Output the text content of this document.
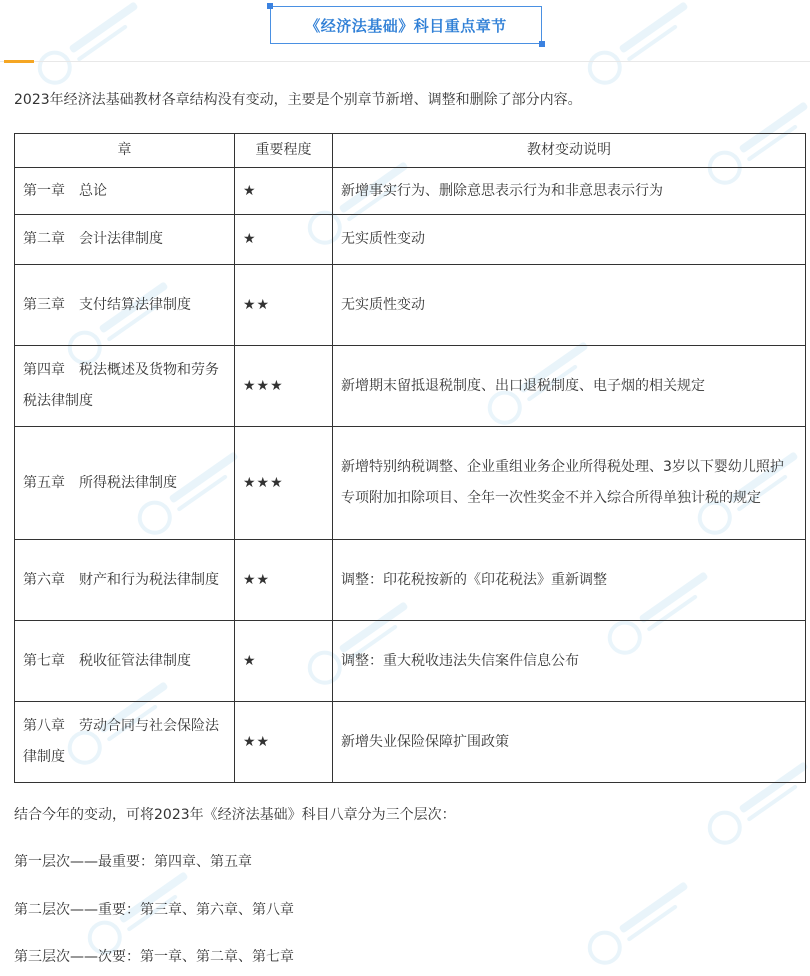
《经济法基础》科目重点章节
2023年经济法基础教材各章结构没有变动，主要是个别章节新增、调整和删除了部分内容。
章	重要程度	教材变动说明
第一章　总论	★	新增事实行为、删除意思表示行为和非意思表示行为
第二章　会计法律制度	★	无实质性变动
第三章　支付结算法律制度	★★	无实质性变动
第四章　税法概述及货物和劳务税法律制度	★★★	新增期末留抵退税制度、出口退税制度、电子烟的相关规定
第五章　所得税法律制度	★★★	新增特别纳税调整、企业重组业务企业所得税处理、3岁以下婴幼儿照护专项附加扣除项目、全年一次性奖金不并入综合所得单独计税的规定
第六章　财产和行为税法律制度	★★	调整：印花税按新的《印花税法》重新调整
第七章　税收征管法律制度	★	调整：重大税收违法失信案件信息公布
第八章　劳动合同与社会保险法律制度	★★	新增失业保险保障扩围政策
结合今年的变动，可将2023年《经济法基础》科目八章分为三个层次：
第一层次——最重要：第四章、第五章
第二层次——重要：第三章、第六章、第八章
第三层次——次要：第一章、第二章、第七章
